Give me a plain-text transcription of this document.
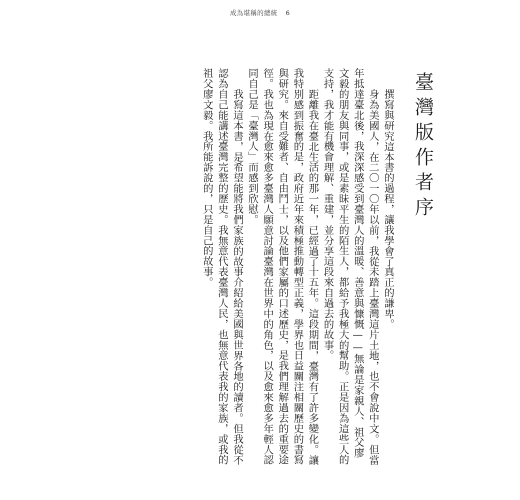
成為堪稱的總統 6
臺灣版作者序

撰寫與研究這本書的過程，讓我學會了真正的謙卑。

身為美國人，在二〇一〇年以前，我從未踏上臺灣這片土地，也不會說中文。但當年抵達臺北後，我深深感受到臺灣人的溫暖、善意與慷慨——無論是家親人、祖父廖文毅的朋友與同事，或是素昧平生的陌生人，都給予我極大的幫助。正是因為這些人的支持，我才能有機會理解、重建，並分享這段來自過去的故事。

距離我在臺北生活的那一年，已經過了十五年。這段期間，臺灣有了許多變化。讓我特別感到振奮的是，政府近年來積極推動轉型正義，學界也日益關注相關歷史的書寫與研究。來自受難者、自由鬥士，以及他們家屬的口述歷史，是我們理解過去的重要途徑。我也為現在愈來愈多臺灣人願意討論臺灣在世界中的角色，以及愈來愈多年輕人認同自己是「臺灣人」而感到欣慰。

我寫這本書，是希望能將我們家族的故事介紹給美國與世界各地的讀者。但我從不認為自己能講述臺灣完整的歷史。我無意代表臺灣人民，也無意代表我的家族，或我的祖父廖文毅。我所能訴說的，只是自己的故事。
